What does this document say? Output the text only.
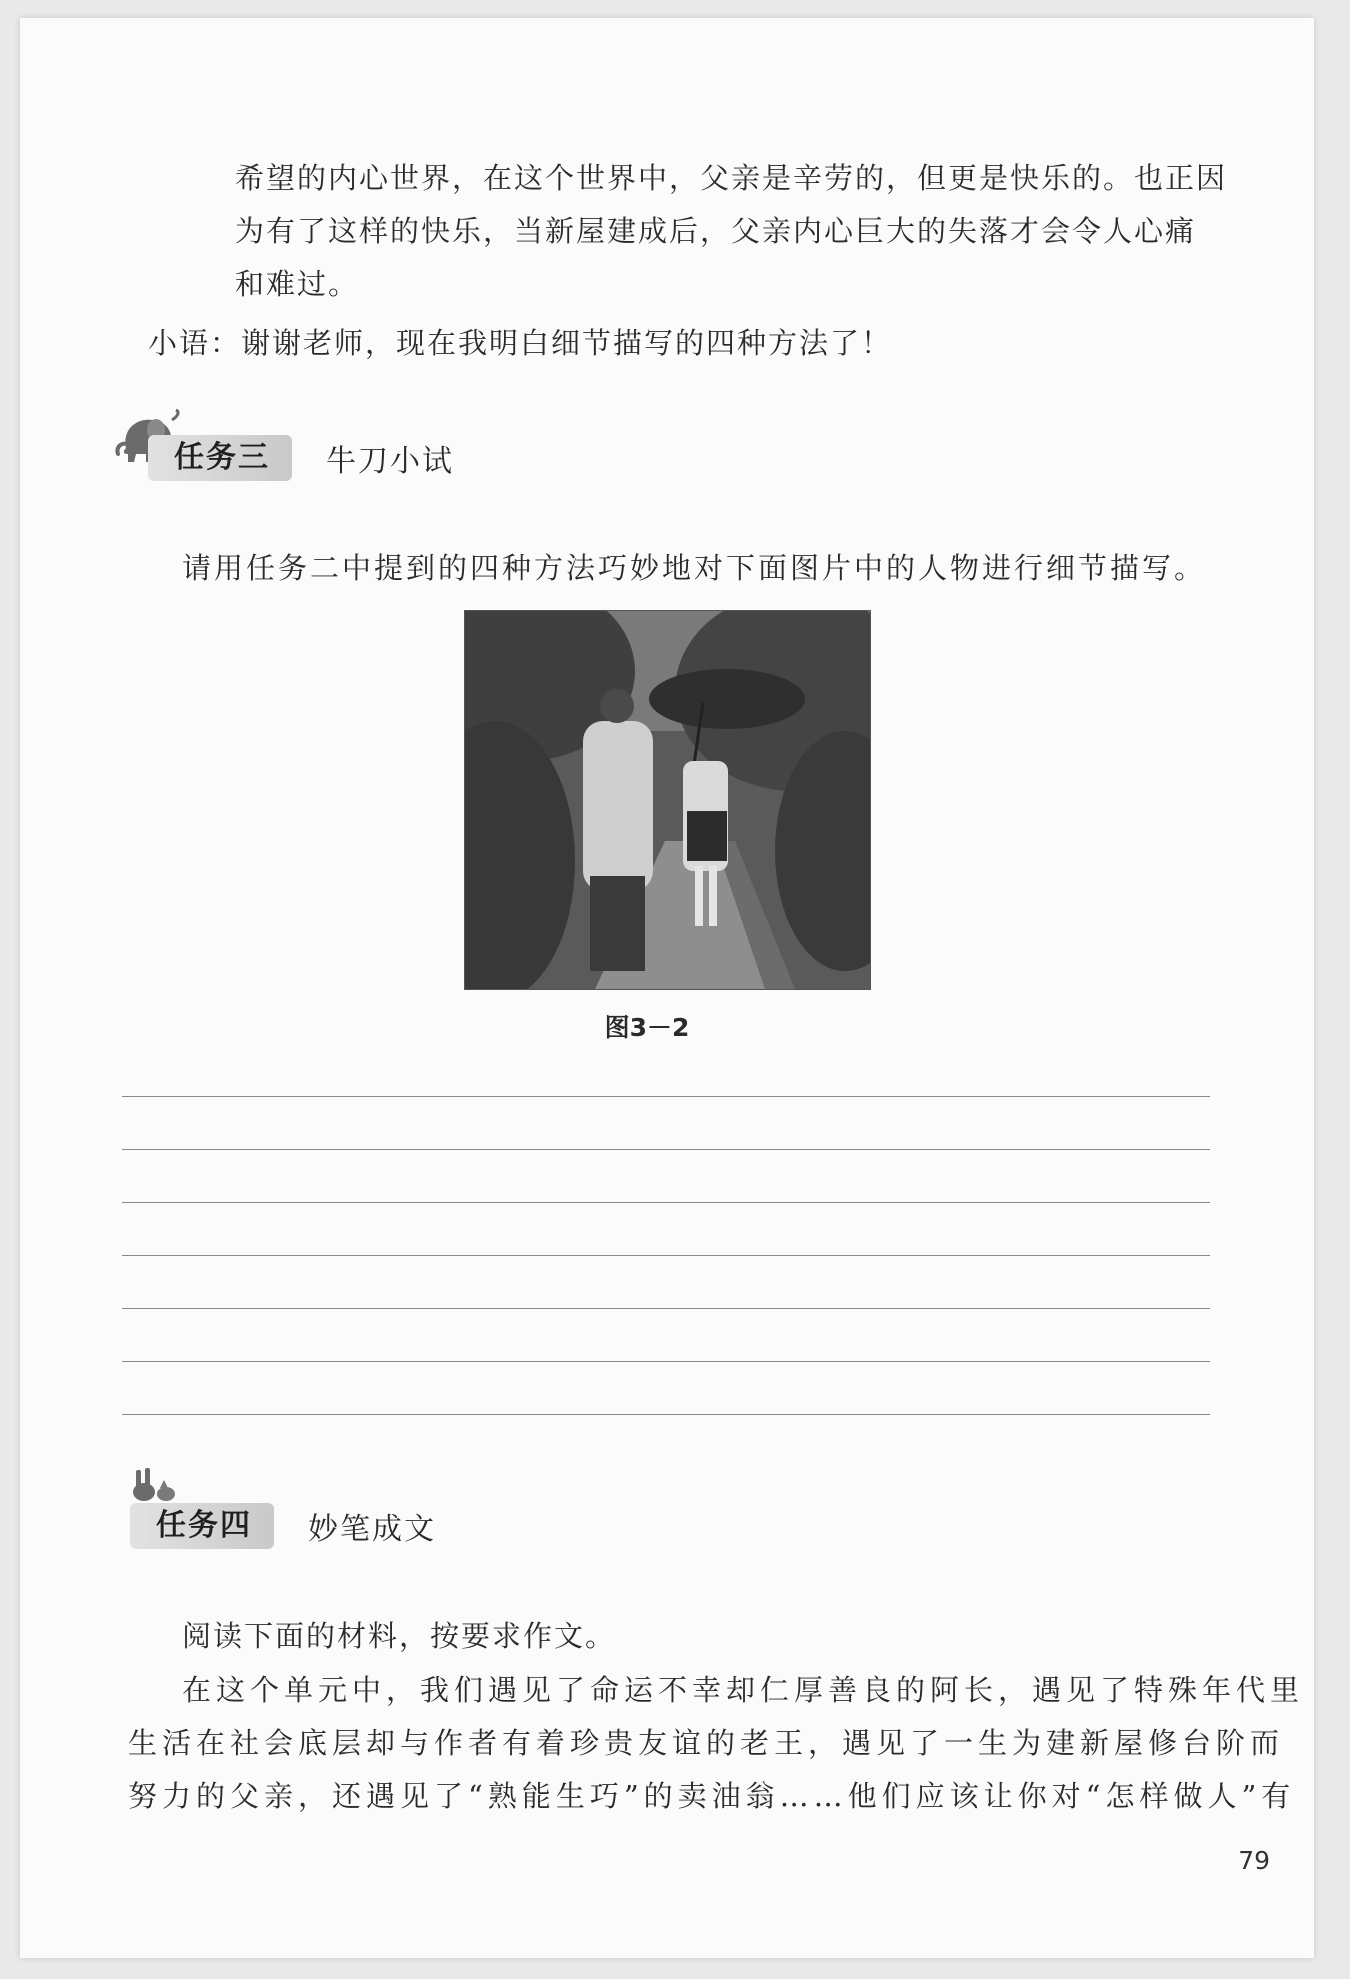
希望的内心世界，在这个世界中，父亲是辛劳的，但更是快乐的。也正因
为有了这样的快乐，当新屋建成后，父亲内心巨大的失落才会令人心痛
和难过。

小语：谢谢老师，现在我明白细节描写的四种方法了！

任务三	牛刀小试

请用任务二中提到的四种方法巧妙地对下面图片中的人物进行细节描写。

图3－2
任务四	妙笔成文

阅读下面的材料，按要求作文。

在这个单元中，我们遇见了命运不幸却仁厚善良的阿长，遇见了特殊年代里
生活在社会底层却与作者有着珍贵友谊的老王，遇见了一生为建新屋修台阶而
努力的父亲，还遇见了“熟能生巧”的卖油翁……他们应该让你对“怎样做人”有
79
